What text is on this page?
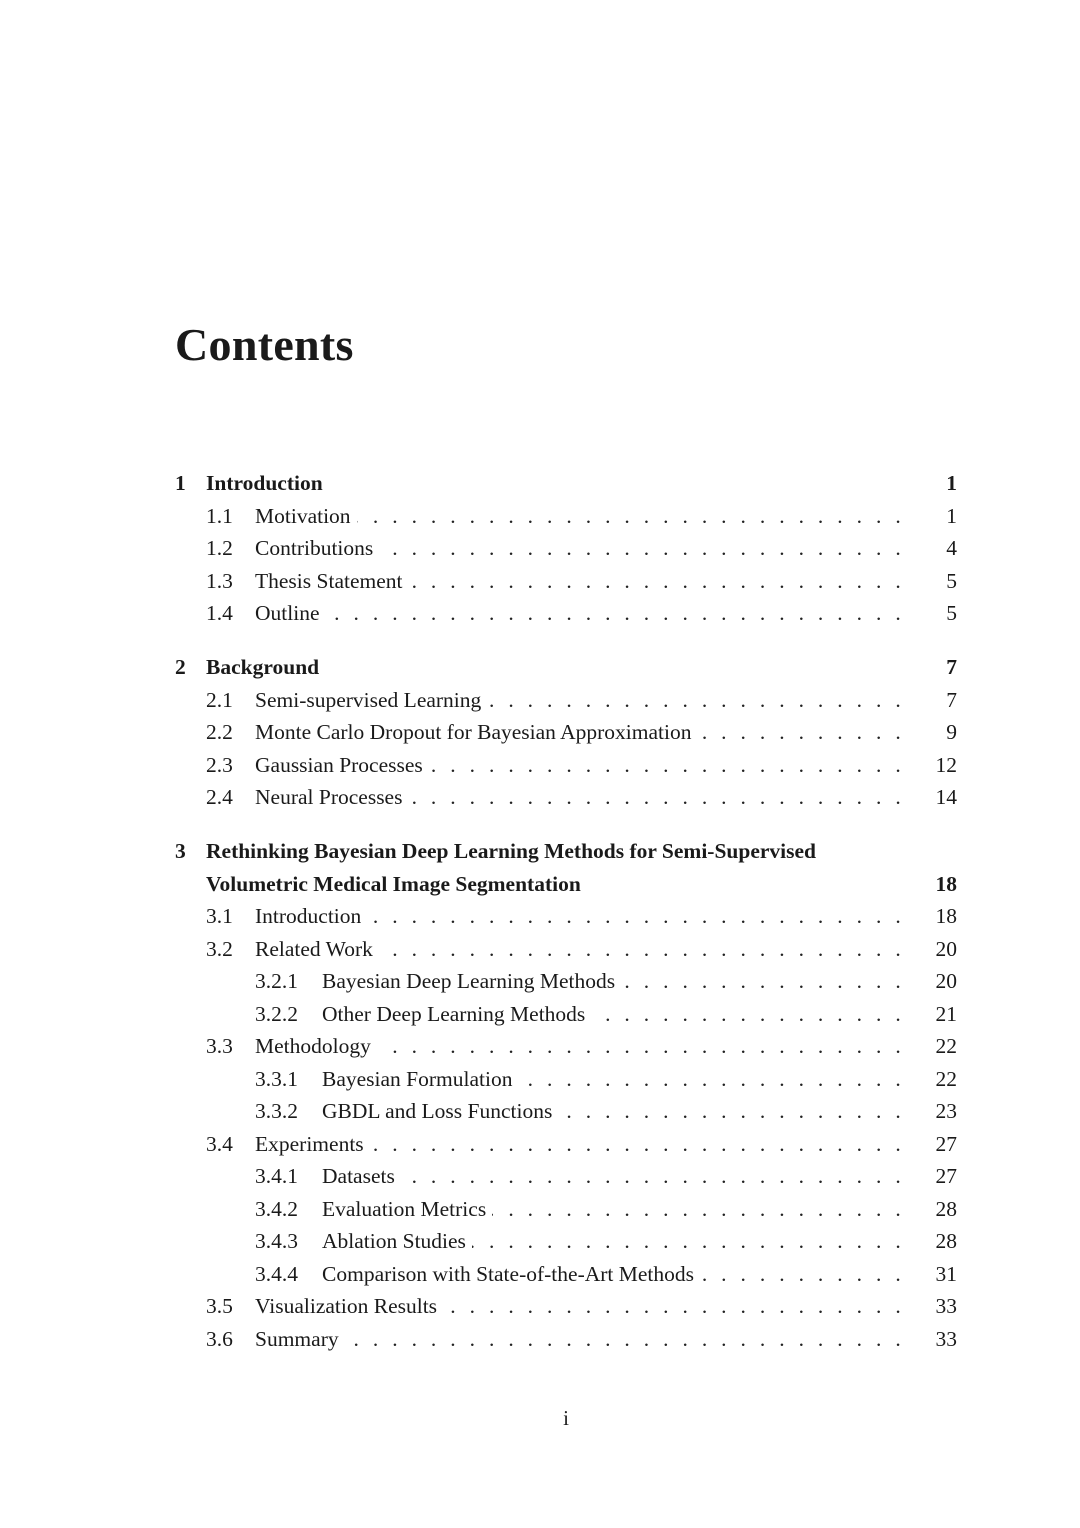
Contents
1 Introduction	1
1.1	Motivation . . .	1
1.2	Contributions . . .	4
1.3	Thesis Statement . . .	5
1.4	Outline . . .	5
2 Background	7
2.1	Semi-supervised Learning . . .	7
2.2	Monte Carlo Dropout for Bayesian Approximation . . .	9
2.3	Gaussian Processes . . .	12
2.4	Neural Processes . . .	14
3 Rethinking Bayesian Deep Learning Methods for Semi-Supervised
Volumetric Medical Image Segmentation	18
3.1	Introduction . . .	18
3.2	Related Work . . .	20
3.2.1	Bayesian Deep Learning Methods . . .	20
3.2.2	Other Deep Learning Methods . . .	21
3.3	Methodology . . .	22
3.3.1	Bayesian Formulation . . .	22
3.3.2	GBDL and Loss Functions . . .	23
3.4	Experiments . . .	27
3.4.1	Datasets . . .	27
3.4.2	Evaluation Metrics . . .	28
3.4.3	Ablation Studies . . .	28
3.4.4	Comparison with State-of-the-Art Methods . . .	31
3.5	Visualization Results . . .	33
3.6	Summary . . .	33
i
